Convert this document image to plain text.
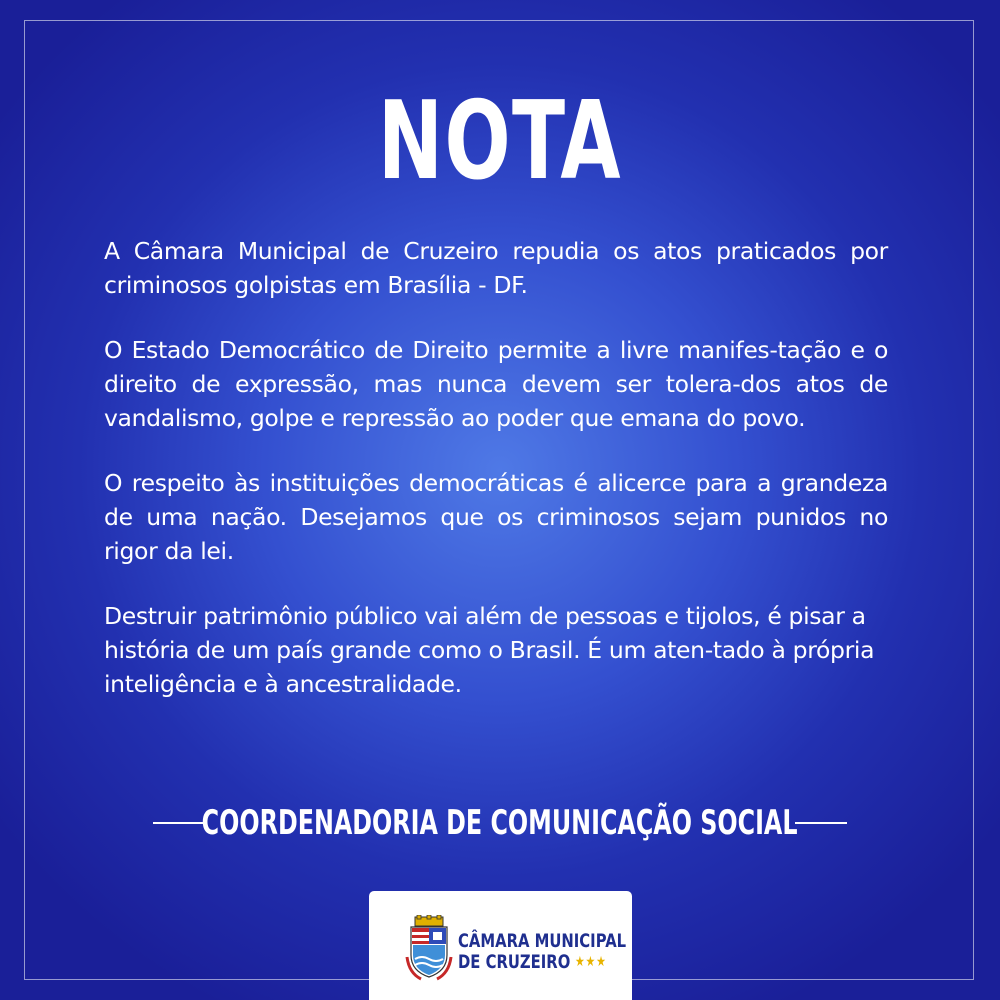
NOTA

A Câmara Municipal de Cruzeiro repudia os atos praticados por criminosos golpistas em Brasília - DF.

O Estado Democrático de Direito permite a livre manifes-tação e o direito de expressão, mas nunca devem ser tolera-dos atos de vandalismo, golpe e repressão ao poder que emana do povo.

O respeito às instituições democráticas é alicerce para a grandeza de uma nação. Desejamos que os criminosos sejam punidos no rigor da lei.

Destruir patrimônio público vai além de pessoas e tijolos, é pisar a história de um país grande como o Brasil. É um aten-tado à própria inteligência e à ancestralidade.

COORDENADORIA DE COMUNICAÇÃO SOCIAL
CÂMARA MUNICIPAL
DE CRUZEIRO ★★★
